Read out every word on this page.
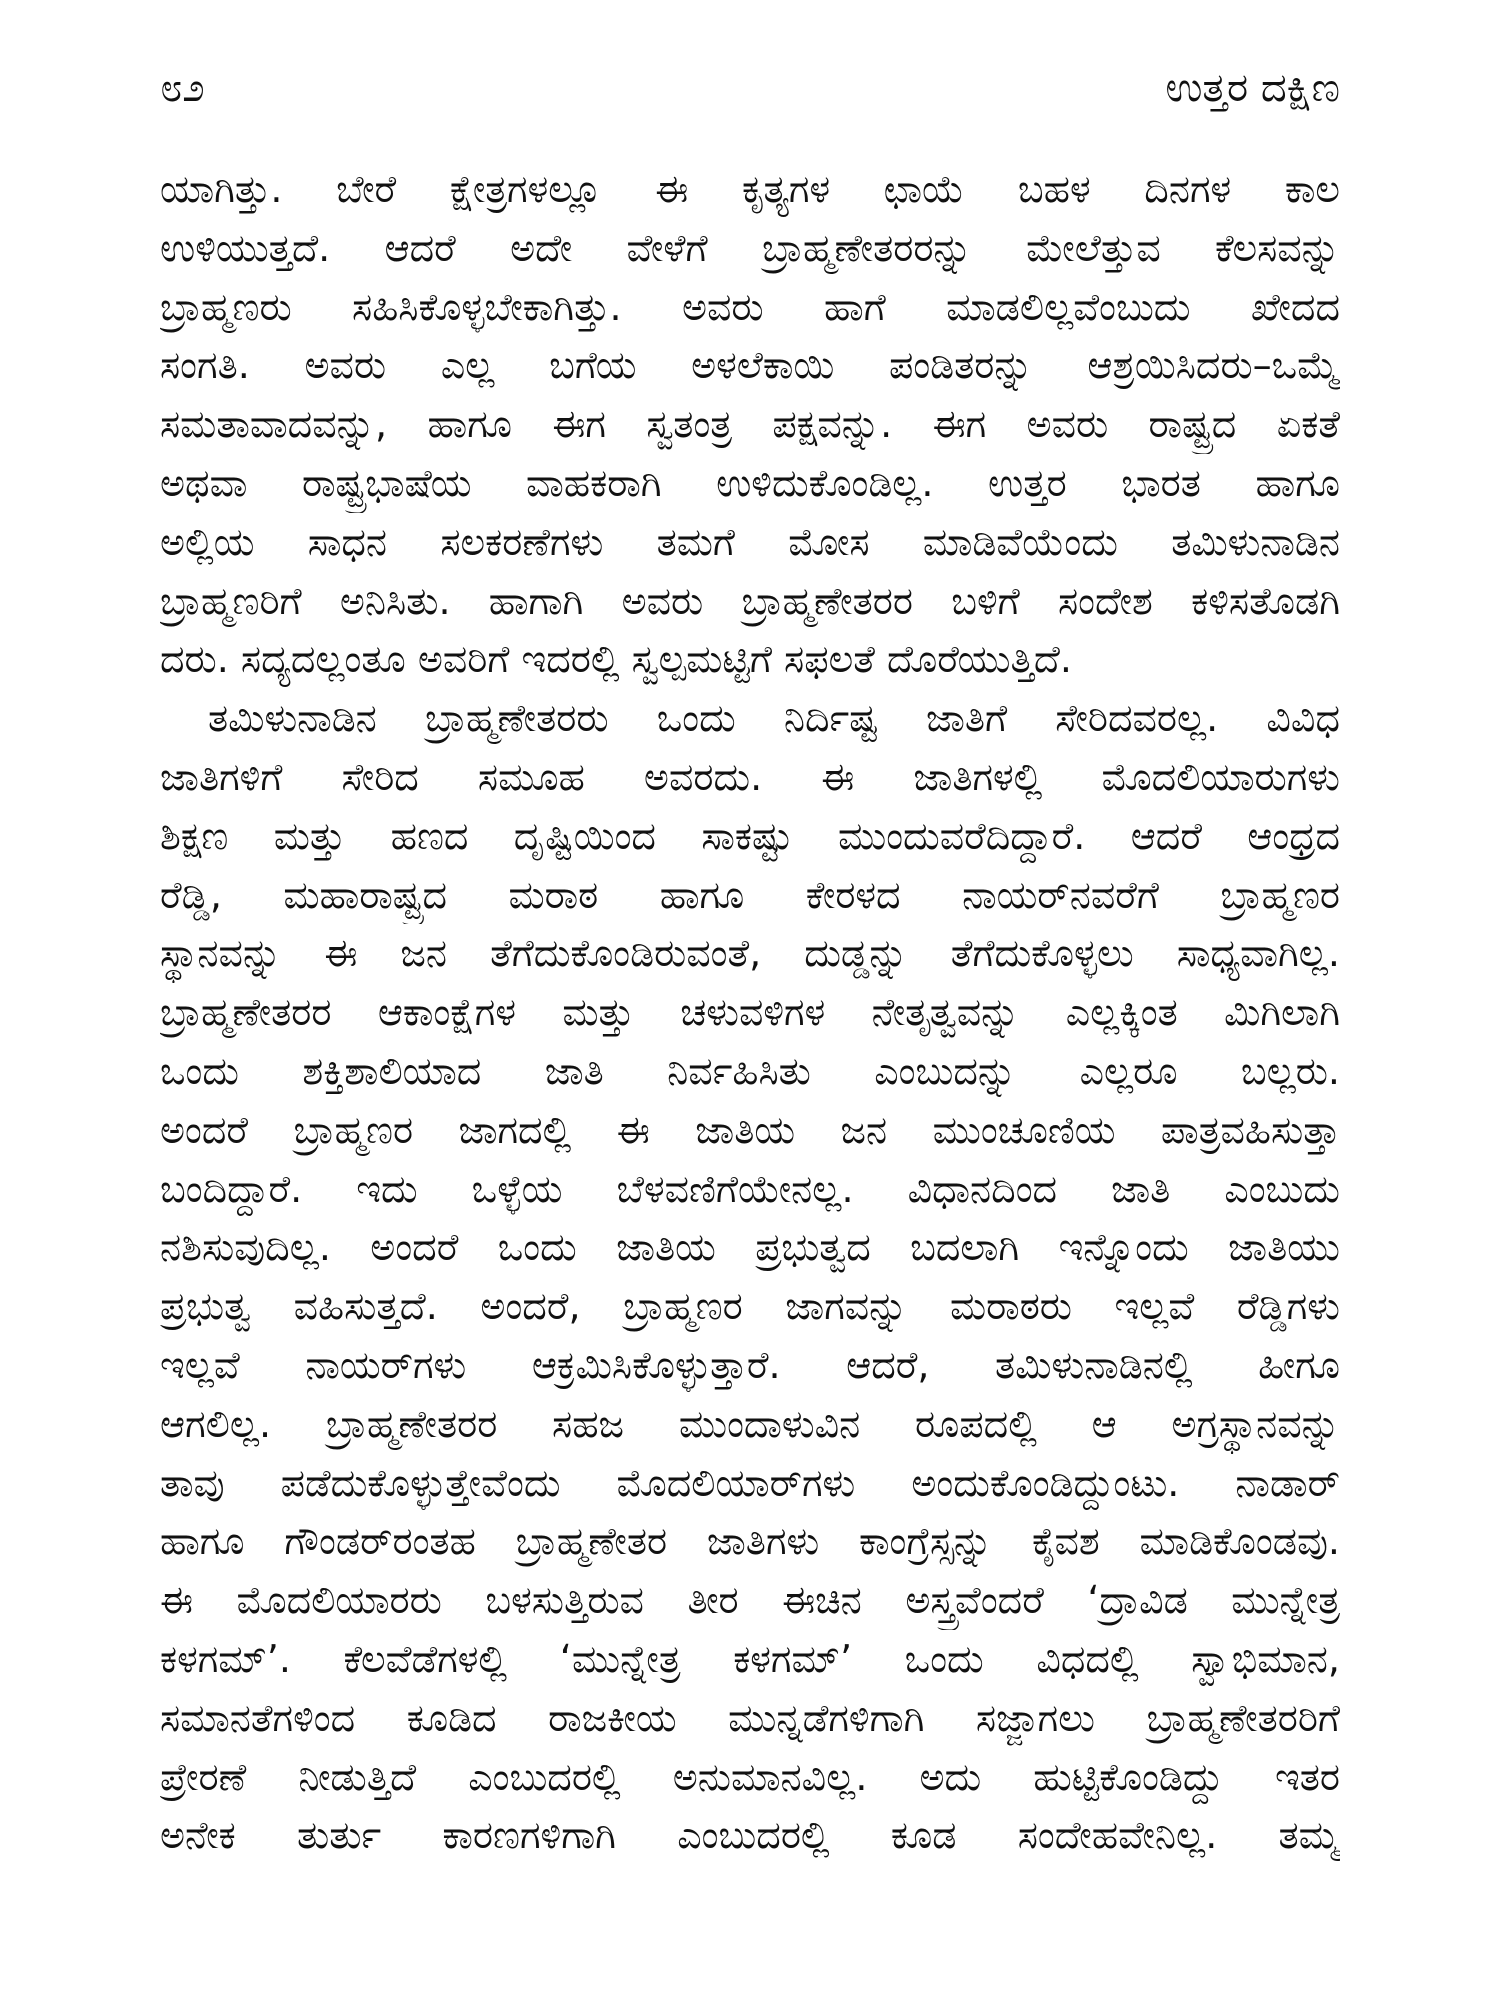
೮೨	ಉತ್ತರ ದಕ್ಷಿಣ
ಯಾಗಿತ್ತು. ಬೇರೆ ಕ್ಷೇತ್ರಗಳಲ್ಲೂ ಈ ಕೃತ್ಯಗಳ ಛಾಯೆ ಬಹಳ ದಿನಗಳ ಕಾಲ
ಉಳಿಯುತ್ತದೆ. ಆದರೆ ಅದೇ ವೇಳೆಗೆ ಬ್ರಾಹ್ಮಣೇತರರನ್ನು ಮೇಲೆತ್ತುವ ಕೆಲಸವನ್ನು
ಬ್ರಾಹ್ಮಣರು ಸಹಿಸಿಕೊಳ್ಳಬೇಕಾಗಿತ್ತು. ಅವರು ಹಾಗೆ ಮಾಡಲಿಲ್ಲವೆಂಬುದು ಖೇದದ
ಸಂಗತಿ. ಅವರು ಎಲ್ಲ ಬಗೆಯ ಅಳಲೆಕಾಯಿ ಪಂಡಿತರನ್ನು ಆಶ್ರಯಿಸಿದರು–ಒಮ್ಮೆ
ಸಮತಾವಾದವನ್ನು, ಹಾಗೂ ಈಗ ಸ್ವತಂತ್ರ ಪಕ್ಷವನ್ನು. ಈಗ ಅವರು ರಾಷ್ಟ್ರದ ಏಕತೆ
ಅಥವಾ ರಾಷ್ಟ್ರಭಾಷೆಯ ವಾಹಕರಾಗಿ ಉಳಿದುಕೊಂಡಿಲ್ಲ. ಉತ್ತರ ಭಾರತ ಹಾಗೂ
ಅಲ್ಲಿಯ ಸಾಧನ ಸಲಕರಣೆಗಳು ತಮಗೆ ಮೋಸ ಮಾಡಿವೆಯೆಂದು ತಮಿಳುನಾಡಿನ
ಬ್ರಾಹ್ಮಣರಿಗೆ ಅನಿಸಿತು. ಹಾಗಾಗಿ ಅವರು ಬ್ರಾಹ್ಮಣೇತರರ ಬಳಿಗೆ ಸಂದೇಶ ಕಳಿಸತೊಡಗಿ
ದರು. ಸದ್ಯದಲ್ಲಂತೂ ಅವರಿಗೆ ಇದರಲ್ಲಿ ಸ್ವಲ್ಪಮಟ್ಟಿಗೆ ಸಫಲತೆ ದೊರೆಯುತ್ತಿದೆ.
ತಮಿಳುನಾಡಿನ ಬ್ರಾಹ್ಮಣೇತರರು ಒಂದು ನಿರ್ದಿಷ್ಟ ಜಾತಿಗೆ ಸೇರಿದವರಲ್ಲ. ವಿವಿಧ
ಜಾತಿಗಳಿಗೆ ಸೇರಿದ ಸಮೂಹ ಅವರದು. ಈ ಜಾತಿಗಳಲ್ಲಿ ಮೊದಲಿಯಾರುಗಳು
ಶಿಕ್ಷಣ ಮತ್ತು ಹಣದ ದೃಷ್ಟಿಯಿಂದ ಸಾಕಷ್ಟು ಮುಂದುವರೆದಿದ್ದಾರೆ. ಆದರೆ ಆಂಧ್ರದ
ರೆಡ್ಡಿ, ಮಹಾರಾಷ್ಟ್ರದ ಮರಾಠ ಹಾಗೂ ಕೇರಳದ ನಾಯರ್‌ನವರೆಗೆ ಬ್ರಾಹ್ಮಣರ
ಸ್ಥಾನವನ್ನು ಈ ಜನ ತೆಗೆದುಕೊಂಡಿರುವಂತೆ, ದುಡ್ಡನ್ನು ತೆಗೆದುಕೊಳ್ಳಲು ಸಾಧ್ಯವಾಗಿಲ್ಲ.
ಬ್ರಾಹ್ಮಣೇತರರ ಆಕಾಂಕ್ಷೆಗಳ ಮತ್ತು ಚಳುವಳಿಗಳ ನೇತೃತ್ವವನ್ನು ಎಲ್ಲಕ್ಕಿಂತ ಮಿಗಿಲಾಗಿ
ಒಂದು ಶಕ್ತಿಶಾಲಿಯಾದ ಜಾತಿ ನಿರ್ವಹಿಸಿತು ಎಂಬುದನ್ನು ಎಲ್ಲರೂ ಬಲ್ಲರು.
ಅಂದರೆ ಬ್ರಾಹ್ಮಣರ ಜಾಗದಲ್ಲಿ ಈ ಜಾತಿಯ ಜನ ಮುಂಚೂಣಿಯ ಪಾತ್ರವಹಿಸುತ್ತಾ
ಬಂದಿದ್ದಾರೆ. ಇದು ಒಳ್ಳೆಯ ಬೆಳವಣಿಗೆಯೇನಲ್ಲ. ವಿಧಾನದಿಂದ ಜಾತಿ ಎಂಬುದು
ನಶಿಸುವುದಿಲ್ಲ. ಅಂದರೆ ಒಂದು ಜಾತಿಯ ಪ್ರಭುತ್ವದ ಬದಲಾಗಿ ಇನ್ನೊಂದು ಜಾತಿಯು
ಪ್ರಭುತ್ವ ವಹಿಸುತ್ತದೆ. ಅಂದರೆ, ಬ್ರಾಹ್ಮಣರ ಜಾಗವನ್ನು ಮರಾಠರು ಇಲ್ಲವೆ ರೆಡ್ಡಿಗಳು
ಇಲ್ಲವೆ ನಾಯರ್‌ಗಳು ಆಕ್ರಮಿಸಿಕೊಳ್ಳುತ್ತಾರೆ. ಆದರೆ, ತಮಿಳುನಾಡಿನಲ್ಲಿ ಹೀಗೂ
ಆಗಲಿಲ್ಲ. ಬ್ರಾಹ್ಮಣೇತರರ ಸಹಜ ಮುಂದಾಳುವಿನ ರೂಪದಲ್ಲಿ ಆ ಅಗ್ರಸ್ಥಾನವನ್ನು
ತಾವು ಪಡೆದುಕೊಳ್ಳುತ್ತೇವೆಂದು ಮೊದಲಿಯಾರ್‌ಗಳು ಅಂದುಕೊಂಡಿದ್ದುಂಟು. ನಾಡಾರ್
ಹಾಗೂ ಗೌಂಡರ್‌ರಂತಹ ಬ್ರಾಹ್ಮಣೇತರ ಜಾತಿಗಳು ಕಾಂಗ್ರೆಸ್ಸನ್ನು ಕೈವಶ ಮಾಡಿಕೊಂಡವು.
ಈ ಮೊದಲಿಯಾರರು ಬಳಸುತ್ತಿರುವ ತೀರ ಈಚಿನ ಅಸ್ತ್ರವೆಂದರೆ ‘ದ್ರಾವಿಡ ಮುನ್ನೇತ್ರ
ಕಳಗಮ್’. ಕೆಲವೆಡೆಗಳಲ್ಲಿ ‘ಮುನ್ನೇತ್ರ ಕಳಗಮ್’ ಒಂದು ವಿಧದಲ್ಲಿ ಸ್ವಾಭಿಮಾನ,
ಸಮಾನತೆಗಳಿಂದ ಕೂಡಿದ ರಾಜಕೀಯ ಮುನ್ನಡೆಗಳಿಗಾಗಿ ಸಜ್ಜಾಗಲು ಬ್ರಾಹ್ಮಣೇತರರಿಗೆ
ಪ್ರೇರಣೆ ನೀಡುತ್ತಿದೆ ಎಂಬುದರಲ್ಲಿ ಅನುಮಾನವಿಲ್ಲ. ಅದು ಹುಟ್ಟಿಕೊಂಡಿದ್ದು ಇತರ
ಅನೇಕ ತುರ್ತು ಕಾರಣಗಳಿಗಾಗಿ ಎಂಬುದರಲ್ಲಿ ಕೂಡ ಸಂದೇಹವೇನಿಲ್ಲ. ತಮ್ಮ
